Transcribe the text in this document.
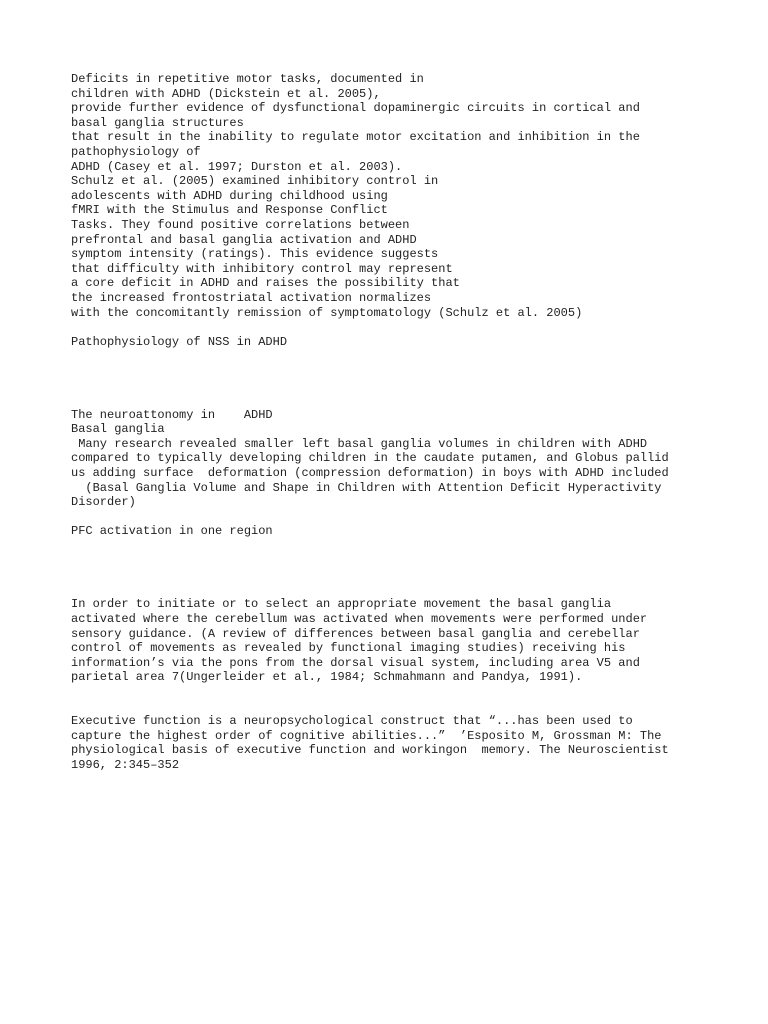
Deficits in repetitive motor tasks, documented in
children with ADHD (Dickstein et al. 2005),
provide further evidence of dysfunctional dopaminergic circuits in cortical and
basal ganglia structures
that result in the inability to regulate motor excitation and inhibition in the
pathophysiology of
ADHD (Casey et al. 1997; Durston et al. 2003).
Schulz et al. (2005) examined inhibitory control in
adolescents with ADHD during childhood using
fMRI with the Stimulus and Response Conflict
Tasks. They found positive correlations between
prefrontal and basal ganglia activation and ADHD
symptom intensity (ratings). This evidence suggests
that difficulty with inhibitory control may represent
a core deficit in ADHD and raises the possibility that
the increased frontostriatal activation normalizes
with the concomitantly remission of symptomatology (Schulz et al. 2005)

Pathophysiology of NSS in ADHD

The neuroattonomy in    ADHD
Basal ganglia
Many research revealed smaller left basal ganglia volumes in children with ADHD
compared to typically developing children in the caudate putamen, and Globus pallid
us adding surface  deformation (compression deformation) in boys with ADHD included
(Basal Ganglia Volume and Shape in Children with Attention Deficit Hyperactivity
Disorder)

PFC activation in one region

In order to initiate or to select an appropriate movement the basal ganglia
activated where the cerebellum was activated when movements were performed under
sensory guidance. (A review of differences between basal ganglia and cerebellar
control of movements as revealed by functional imaging studies) receiving his
information’s via the pons from the dorsal visual system, including area V5 and
parietal area 7(Ungerleider et al., 1984; Schmahmann and Pandya, 1991).

Executive function is a neuropsychological construct that “...has been used to
capture the highest order of cognitive abilities...”  ’Esposito M, Grossman M: The
physiological basis of executive function and workingon  memory. The Neuroscientist
1996, 2:345–352
